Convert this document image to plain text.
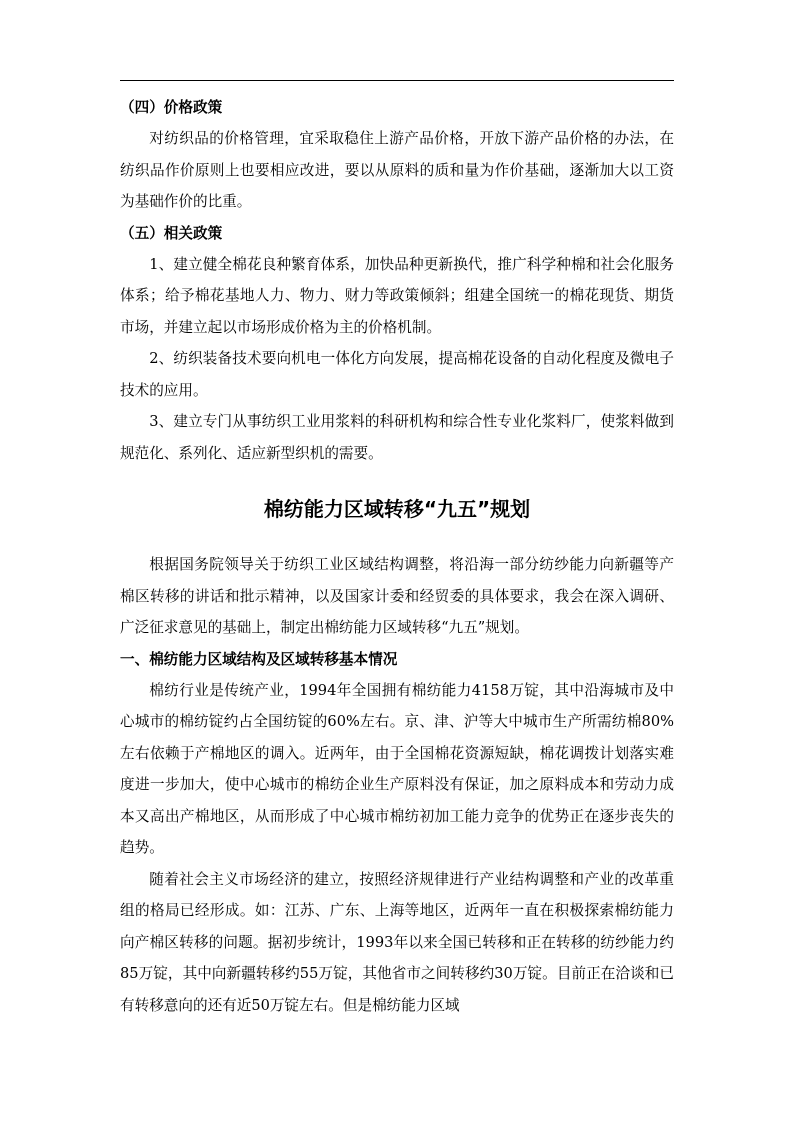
（四）价格政策

对纺织品的价格管理，宜采取稳住上游产品价格，开放下游产品价格的办法，在纺织品作价原则上也要相应改进，要以从原料的质和量为作价基础，逐渐加大以工资为基础作价的比重。

（五）相关政策

1、建立健全棉花良种繁育体系，加快品种更新换代，推广科学种棉和社会化服务体系；给予棉花基地人力、物力、财力等政策倾斜；组建全国统一的棉花现货、期货市场，并建立起以市场形成价格为主的价格机制。

2、纺织装备技术要向机电一体化方向发展，提高棉花设备的自动化程度及微电子技术的应用。

3、建立专门从事纺织工业用浆料的科研机构和综合性专业化浆料厂，使浆料做到规范化、系列化、适应新型织机的需要。

棉纺能力区域转移“九五”规划

根据国务院领导关于纺织工业区域结构调整，将沿海一部分纺纱能力向新疆等产棉区转移的讲话和批示精神，以及国家计委和经贸委的具体要求，我会在深入调研、广泛征求意见的基础上，制定出棉纺能力区域转移“九五”规划。

一、棉纺能力区域结构及区域转移基本情况

棉纺行业是传统产业，1994年全国拥有棉纺能力4158万锭，其中沿海城市及中心城市的棉纺锭约占全国纺锭的60%左右。京、津、沪等大中城市生产所需纺棉80%左右依赖于产棉地区的调入。近两年，由于全国棉花资源短缺，棉花调拨计划落实难度进一步加大，使中心城市的棉纺企业生产原料没有保证，加之原料成本和劳动力成本又高出产棉地区，从而形成了中心城市棉纺初加工能力竞争的优势正在逐步丧失的趋势。

随着社会主义市场经济的建立，按照经济规律进行产业结构调整和产业的改革重组的格局已经形成。如：江苏、广东、上海等地区，近两年一直在积极探索棉纺能力向产棉区转移的问题。据初步统计，1993年以来全国已转移和正在转移的纺纱能力约85万锭，其中向新疆转移约55万锭，其他省市之间转移约30万锭。目前正在洽谈和已有转移意向的还有近50万锭左右。但是棉纺能力区域
